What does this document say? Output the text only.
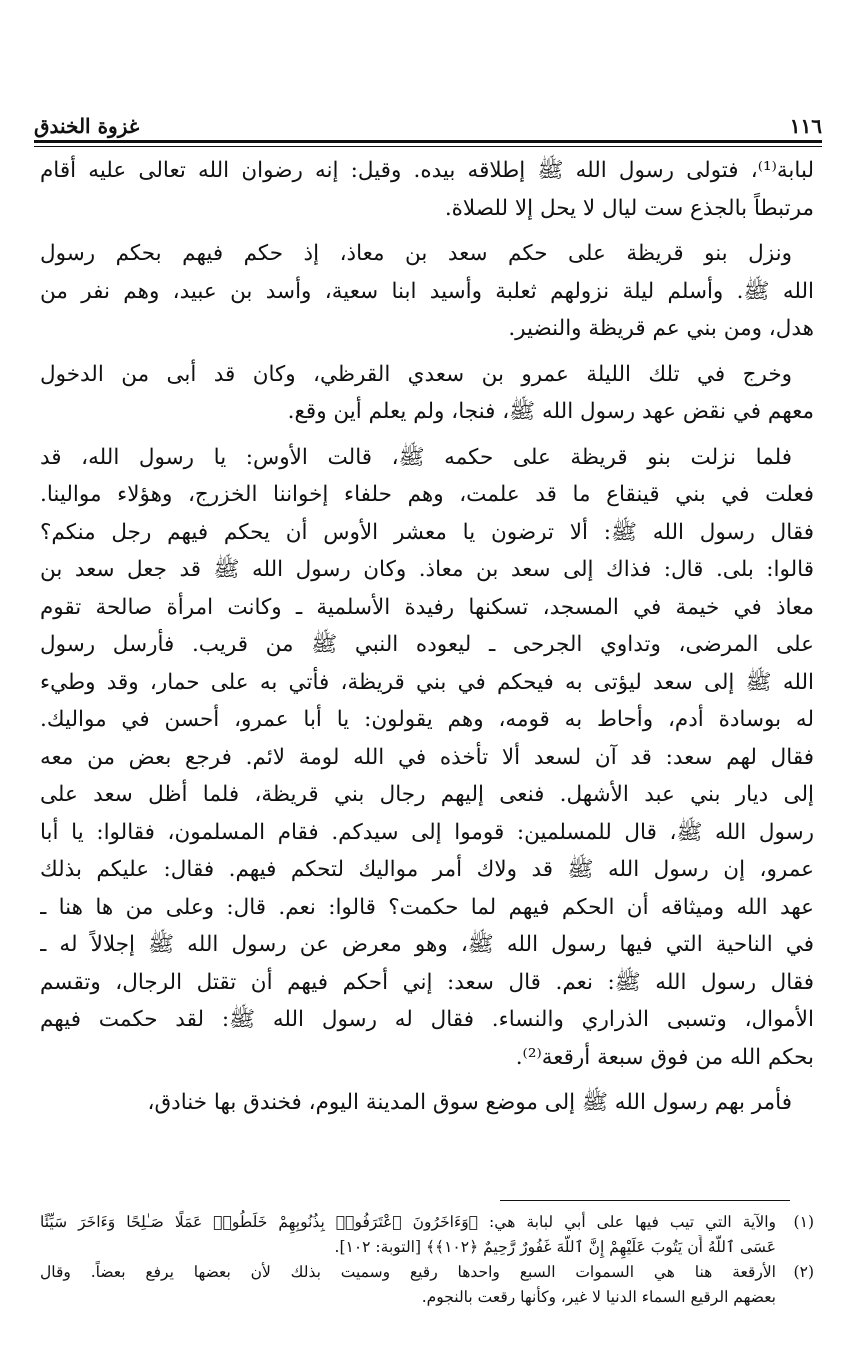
١١٦
غزوة الخندق
لبابة⁽¹⁾، فتولى رسول الله ﷺ إطلاقه بيده. وقيل: إنه رضوان الله تعالى عليه أقام
مرتبطاً بالجذع ست ليال لا يحل إلا للصلاة.
ونزل بنو قريظة على حكم سعد بن معاذ، إذ حكم فيهم بحكم رسول
الله ﷺ. وأسلم ليلة نزولهم ثعلبة وأسيد ابنا سعية، وأسد بن عبيد، وهم نفر من
هدل، ومن بني عم قريظة والنضير.
وخرج في تلك الليلة عمرو بن سعدي القرظي، وكان قد أبى من الدخول
معهم في نقض عهد رسول الله ﷺ، فنجا، ولم يعلم أين وقع.
فلما نزلت بنو قريظة على حكمه ﷺ، قالت الأوس: يا رسول الله، قد
فعلت في بني قينقاع ما قد علمت، وهم حلفاء إخواننا الخزرج، وهؤلاء موالينا.
فقال رسول الله ﷺ: ألا ترضون يا معشر الأوس أن يحكم فيهم رجل منكم؟
قالوا: بلى. قال: فذاك إلى سعد بن معاذ. وكان رسول الله ﷺ قد جعل سعد بن
معاذ في خيمة في المسجد، تسكنها رفيدة الأسلمية ـ وكانت امرأة صالحة تقوم
على المرضى، وتداوي الجرحى ـ ليعوده النبي ﷺ من قريب. فأرسل رسول
الله ﷺ إلى سعد ليؤتى به فيحكم في بني قريظة، فأتي به على حمار، وقد وطيء
له بوسادة أدم، وأحاط به قومه، وهم يقولون: يا أبا عمرو، أحسن في مواليك.
فقال لهم سعد: قد آن لسعد ألا تأخذه في الله لومة لائم. فرجع بعض من معه
إلى ديار بني عبد الأشهل. فنعى إليهم رجال بني قريظة، فلما أظل سعد على
رسول الله ﷺ، قال للمسلمين: قوموا إلى سيدكم. فقام المسلمون، فقالوا: يا أبا
عمرو، إن رسول الله ﷺ قد ولاك أمر مواليك لتحكم فيهم. فقال: عليكم بذلك
عهد الله وميثاقه أن الحكم فيهم لما حكمت؟ قالوا: نعم. قال: وعلى من ها هنا ـ
في الناحية التي فيها رسول الله ﷺ، وهو معرض عن رسول الله ﷺ إجلالاً له ـ
فقال رسول الله ﷺ: نعم. قال سعد: إني أحكم فيهم أن تقتل الرجال، وتقسم
الأموال، وتسبى الذراري والنساء. فقال له رسول الله ﷺ: لقد حكمت فيهم
بحكم الله من فوق سبعة أرقعة⁽²⁾.
فأمر بهم رسول الله ﷺ إلى موضع سوق المدينة اليوم، فخندق بها خنادق،
(١)والآية التي تيب فيها على أبي لبابة هي: ﴿وَءَاخَرُونَ ٱعْتَرَفُوا۟ بِذُنُوبِهِمْ خَلَطُوا۟ عَمَلًا صَـٰلِحًا وَءَاخَرَ سَيِّئًا
عَسَى ٱللَّهُ أَن يَتُوبَ عَلَيْهِمْ إِنَّ ٱللَّهَ غَفُورٌ رَّحِيمٌ ﴿١٠٢﴾﴾ [التوبة: ١٠٢].
(٢)الأرقعة هنا هي السموات السبع واحدها رقيع وسميت بذلك لأن بعضها يرفع بعضاً. وقال
بعضهم الرقيع السماء الدنيا لا غير، وكأنها رقعت بالنجوم.
